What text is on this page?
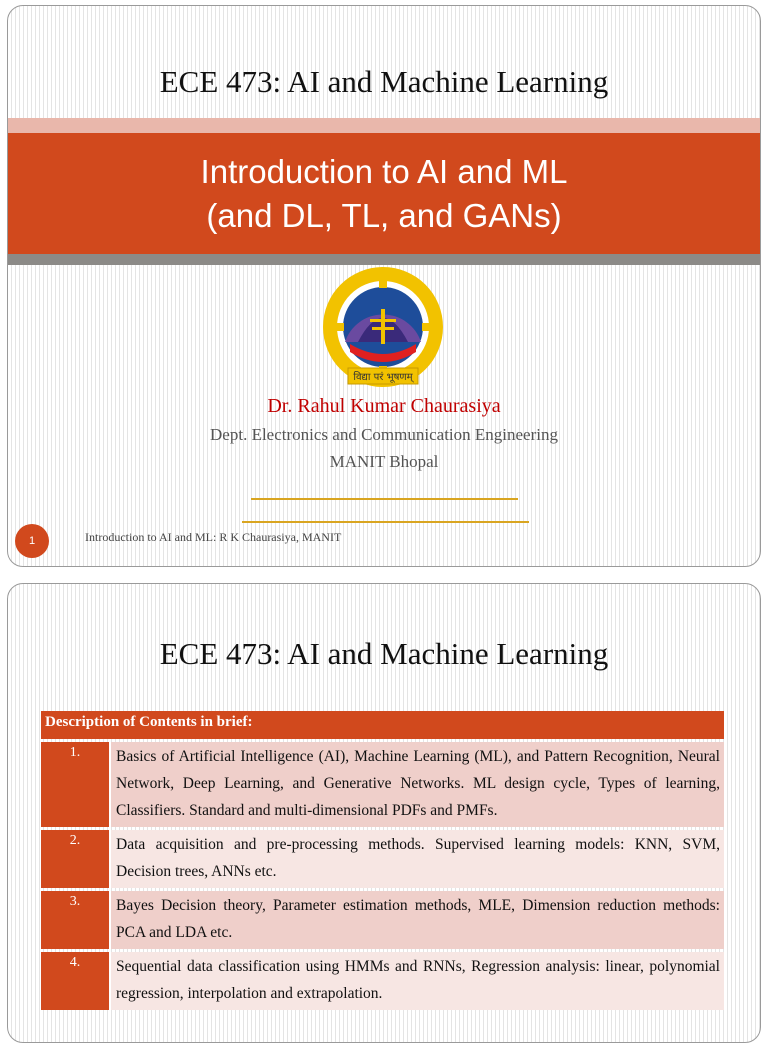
ECE 473: AI and Machine Learning
Introduction to AI and ML
(and DL, TL, and GANs)
विद्या परं भूषणम्
Dr. Rahul Kumar Chaurasiya
Dept. Electronics and Communication Engineering
MANIT Bhopal
1	Introduction to AI and ML: R K Chaurasiya, MANIT
ECE 473: AI and Machine Learning
Description of Contents in brief:
1.	Basics of Artificial Intelligence (AI), Machine Learning (ML), and Pattern Recognition, Neural Network, Deep Learning, and Generative Networks. ML design cycle, Types of learning, Classifiers. Standard and multi-dimensional PDFs and PMFs.
2.	Data acquisition and pre-processing methods. Supervised learning models: KNN, SVM, Decision trees, ANNs etc.
3.	Bayes Decision theory, Parameter estimation methods, MLE, Dimension reduction methods: PCA and LDA etc.
4.	Sequential data classification using HMMs and RNNs, Regression analysis: linear, polynomial regression, interpolation and extrapolation.
